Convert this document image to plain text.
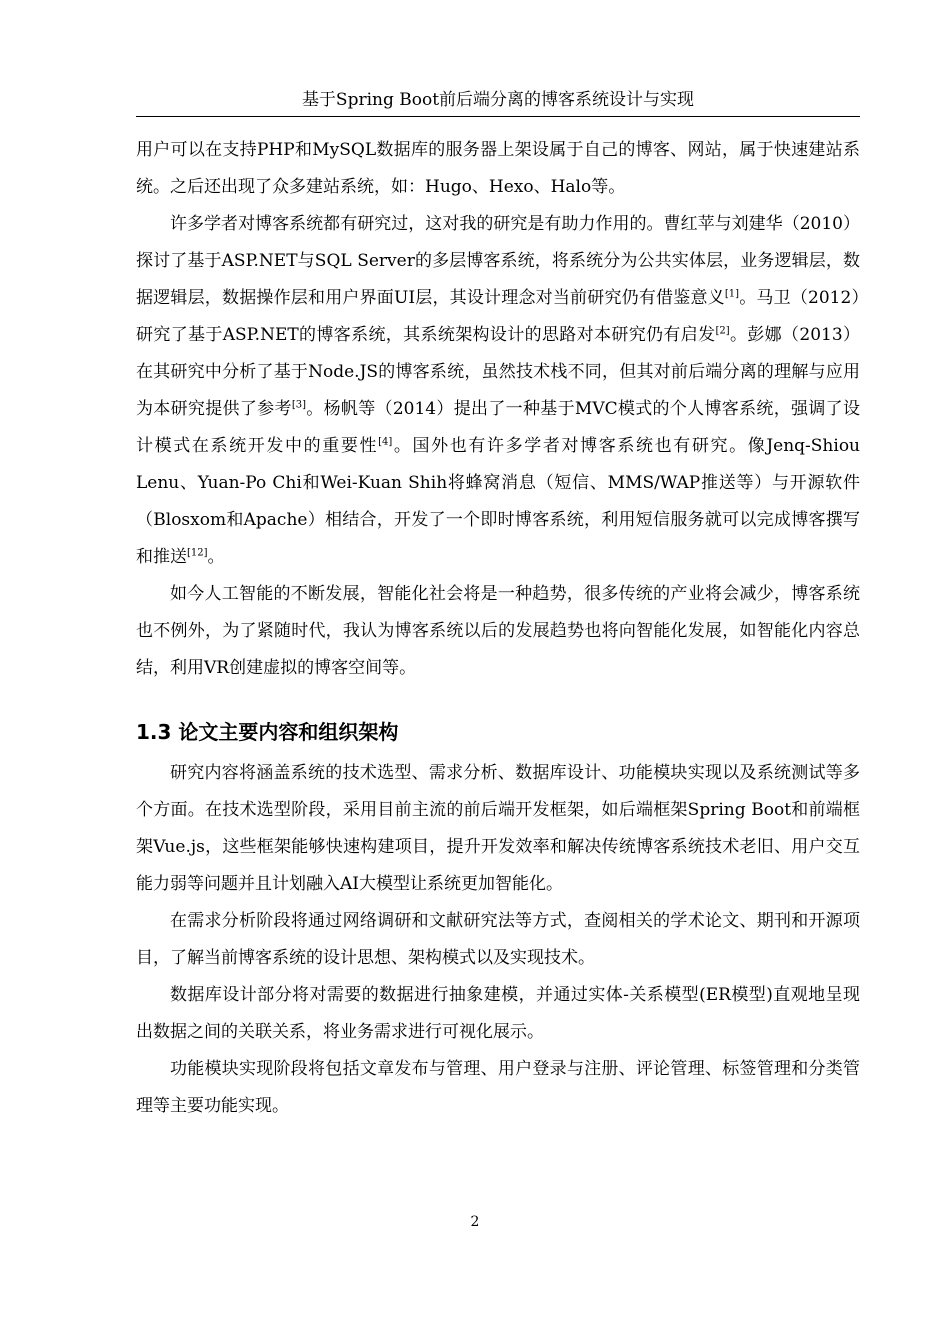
基于Spring Boot前后端分离的博客系统设计与实现

用户可以在支持PHP和MySQL数据库的服务器上架设属于自己的博客、网站，属于快速建站系统。之后还出现了众多建站系统，如：Hugo、Hexo、Halo等。

许多学者对博客系统都有研究过，这对我的研究是有助力作用的。曹红苹与刘建华（2010）探讨了基于ASP.NET与SQL Server的多层博客系统，将系统分为公共实体层，业务逻辑层，数据逻辑层，数据操作层和用户界面UI层，其设计理念对当前研究仍有借鉴意义[1]。马卫（2012）研究了基于ASP.NET的博客系统，其系统架构设计的思路对本研究仍有启发[2]。彭娜（2013）在其研究中分析了基于Node.JS的博客系统，虽然技术栈不同，但其对前后端分离的理解与应用为本研究提供了参考[3]。杨帆等（2014）提出了一种基于MVC模式的个人博客系统，强调了设计模式在系统开发中的重要性[4]。国外也有许多学者对博客系统也有研究。像Jenq-Shiou Lenu、Yuan-Po Chi和Wei-Kuan Shih将蜂窝消息（短信、MMS/WAP推送等）与开源软件（Blosxom和Apache）相结合，开发了一个即时博客系统，利用短信服务就可以完成博客撰写和推送[12]。

如今人工智能的不断发展，智能化社会将是一种趋势，很多传统的产业将会减少，博客系统也不例外，为了紧随时代，我认为博客系统以后的发展趋势也将向智能化发展，如智能化内容总结，利用VR创建虚拟的博客空间等。

1.3 论文主要内容和组织架构

研究内容将涵盖系统的技术选型、需求分析、数据库设计、功能模块实现以及系统测试等多个方面。在技术选型阶段，采用目前主流的前后端开发框架，如后端框架Spring Boot和前端框架Vue.js，这些框架能够快速构建项目，提升开发效率和解决传统博客系统技术老旧、用户交互能力弱等问题并且计划融入AI大模型让系统更加智能化。

在需求分析阶段将通过网络调研和文献研究法等方式，查阅相关的学术论文、期刊和开源项目，了解当前博客系统的设计思想、架构模式以及实现技术。

数据库设计部分将对需要的数据进行抽象建模，并通过实体-关系模型(ER模型)直观地呈现出数据之间的关联关系，将业务需求进行可视化展示。

功能模块实现阶段将包括文章发布与管理、用户登录与注册、评论管理、标签管理和分类管理等主要功能实现。

2
